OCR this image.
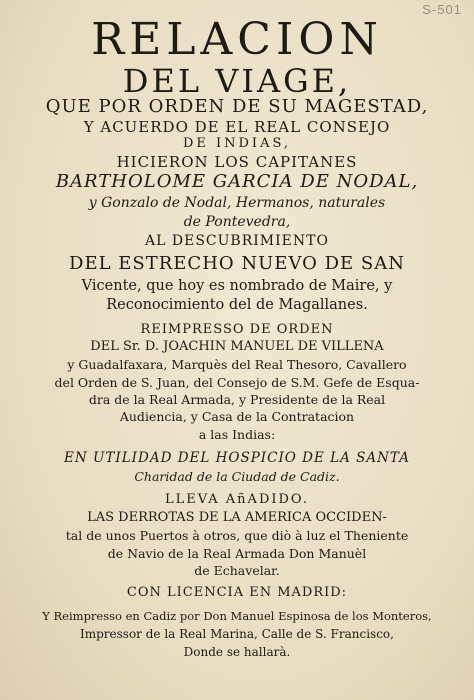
S-501
RELACION
DEL VIAGE,
QUE POR ORDEN DE SU MAGESTAD,
Y ACUERDO DE EL REAL CONSEJO
DE INDIAS,
HICIERON LOS CAPITANES
BARTHOLOME GARCIA DE NODAL,
y Gonzalo de Nodal, Hermanos, naturales
de Pontevedra,
AL DESCUBRIMIENTO
DEL ESTRECHO NUEVO DE SAN
Vicente, que hoy es nombrado de Maire, y
Reconocimiento del de Magallanes.
REIMPRESSO DE ORDEN
DEL Sr. D. JOACHIN MANUEL DE VILLENA
y Guadalfaxara, Marquès del Real Thesoro, Cavallero
del Orden de S. Juan, del Consejo de S.M. Gefe de Esqua-
dra de la Real Armada, y Presidente de la Real
Audiencia, y Casa de la Contratacion
a las Indias:
EN UTILIDAD DEL HOSPICIO DE LA SANTA
Charidad de la Ciudad de Cadiz.
LLEVA AñADIDO.
LAS DERROTAS DE LA AMERICA OCCIDEN-
tal de unos Puertos à otros, que diò à luz el Theniente
de Navio de la Real Armada Don Manuèl
de Echavelar.
CON LICENCIA EN MADRID:
Y Reimpresso en Cadiz por Don Manuel Espinosa de los Monteros,
Impressor de la Real Marina, Calle de S. Francisco,
Donde se hallarà.
